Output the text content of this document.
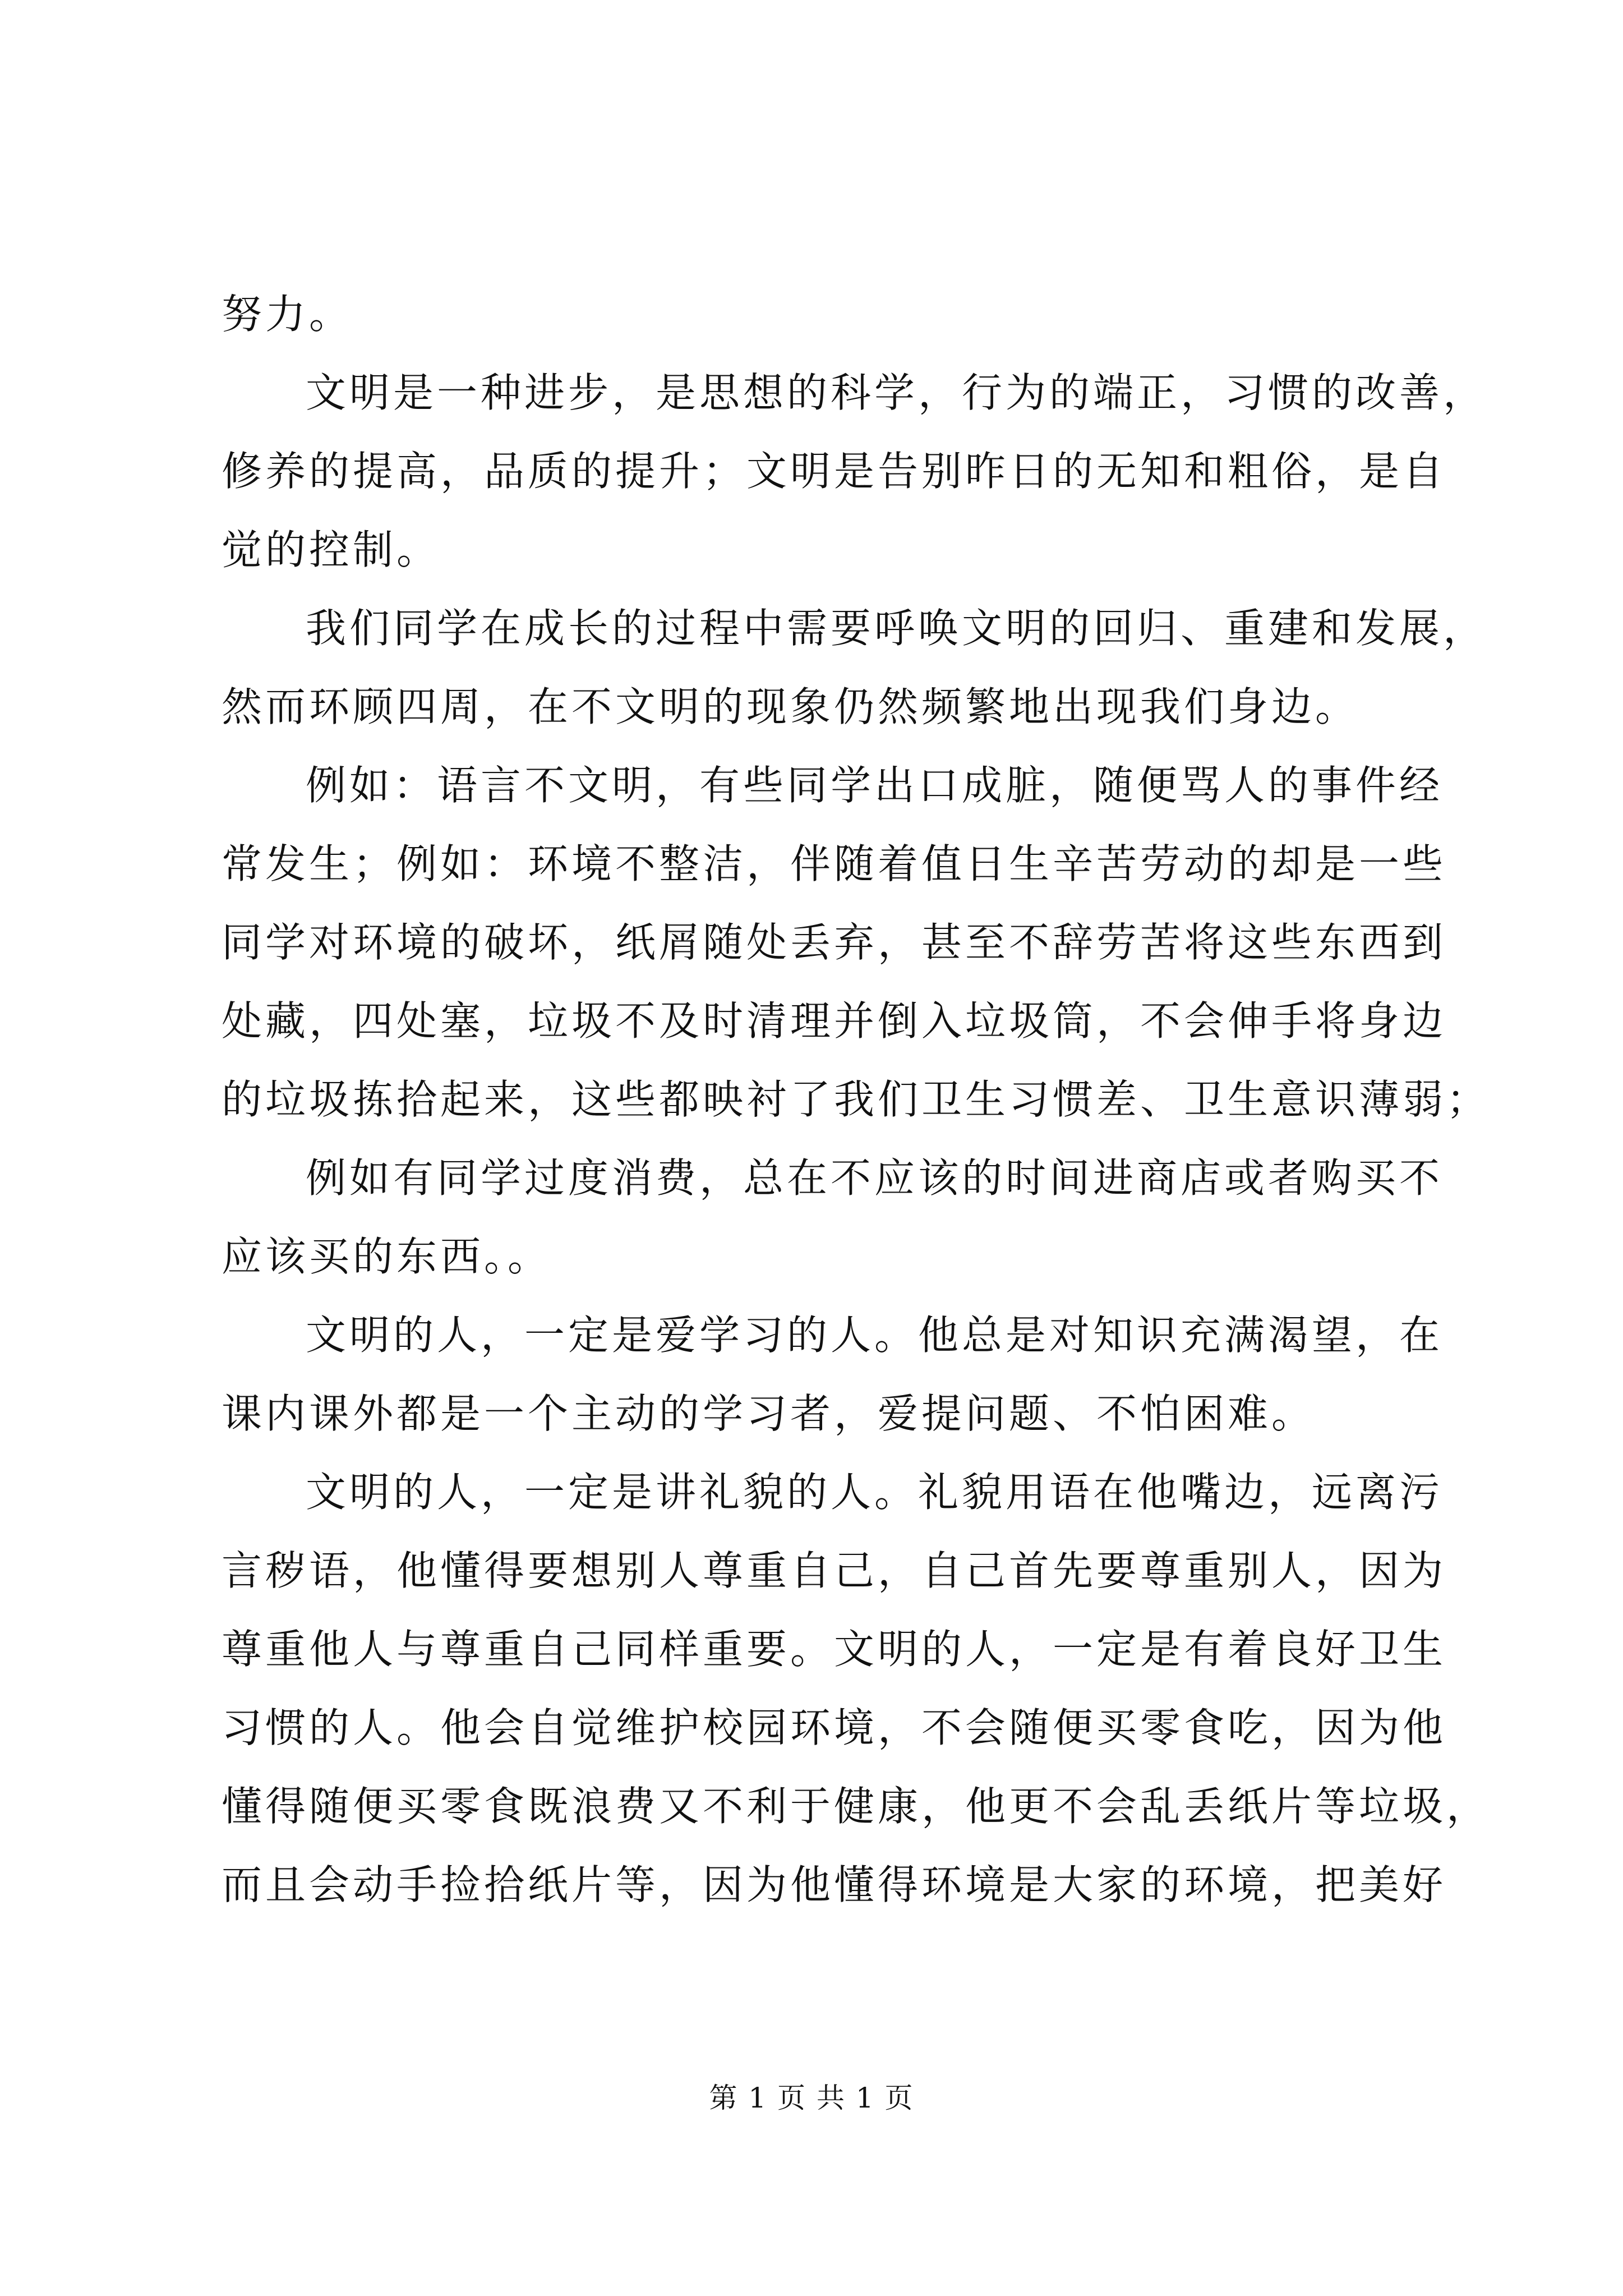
努力。
文明是一种进步，是思想的科学，行为的端正，习惯的改善，
修养的提高，品质的提升；文明是告别昨日的无知和粗俗，是自
觉的控制。
我们同学在成长的过程中需要呼唤文明的回归、重建和发展，
然而环顾四周，在不文明的现象仍然频繁地出现我们身边。
例如：语言不文明，有些同学出口成脏，随便骂人的事件经
常发生；例如：环境不整洁，伴随着值日生辛苦劳动的却是一些
同学对环境的破坏，纸屑随处丢弃，甚至不辞劳苦将这些东西到
处藏，四处塞，垃圾不及时清理并倒入垃圾筒，不会伸手将身边
的垃圾拣拾起来，这些都映衬了我们卫生习惯差、卫生意识薄弱；
例如有同学过度消费，总在不应该的时间进商店或者购买不
应该买的东西。。
文明的人，一定是爱学习的人。他总是对知识充满渴望，在
课内课外都是一个主动的学习者，爱提问题、不怕困难。
文明的人，一定是讲礼貌的人。礼貌用语在他嘴边，远离污
言秽语，他懂得要想别人尊重自己，自己首先要尊重别人，因为
尊重他人与尊重自己同样重要。文明的人，一定是有着良好卫生
习惯的人。他会自觉维护校园环境，不会随便买零食吃，因为他
懂得随便买零食既浪费又不利于健康，他更不会乱丢纸片等垃圾，
而且会动手捡拾纸片等，因为他懂得环境是大家的环境，把美好
第 1 页 共 1 页
